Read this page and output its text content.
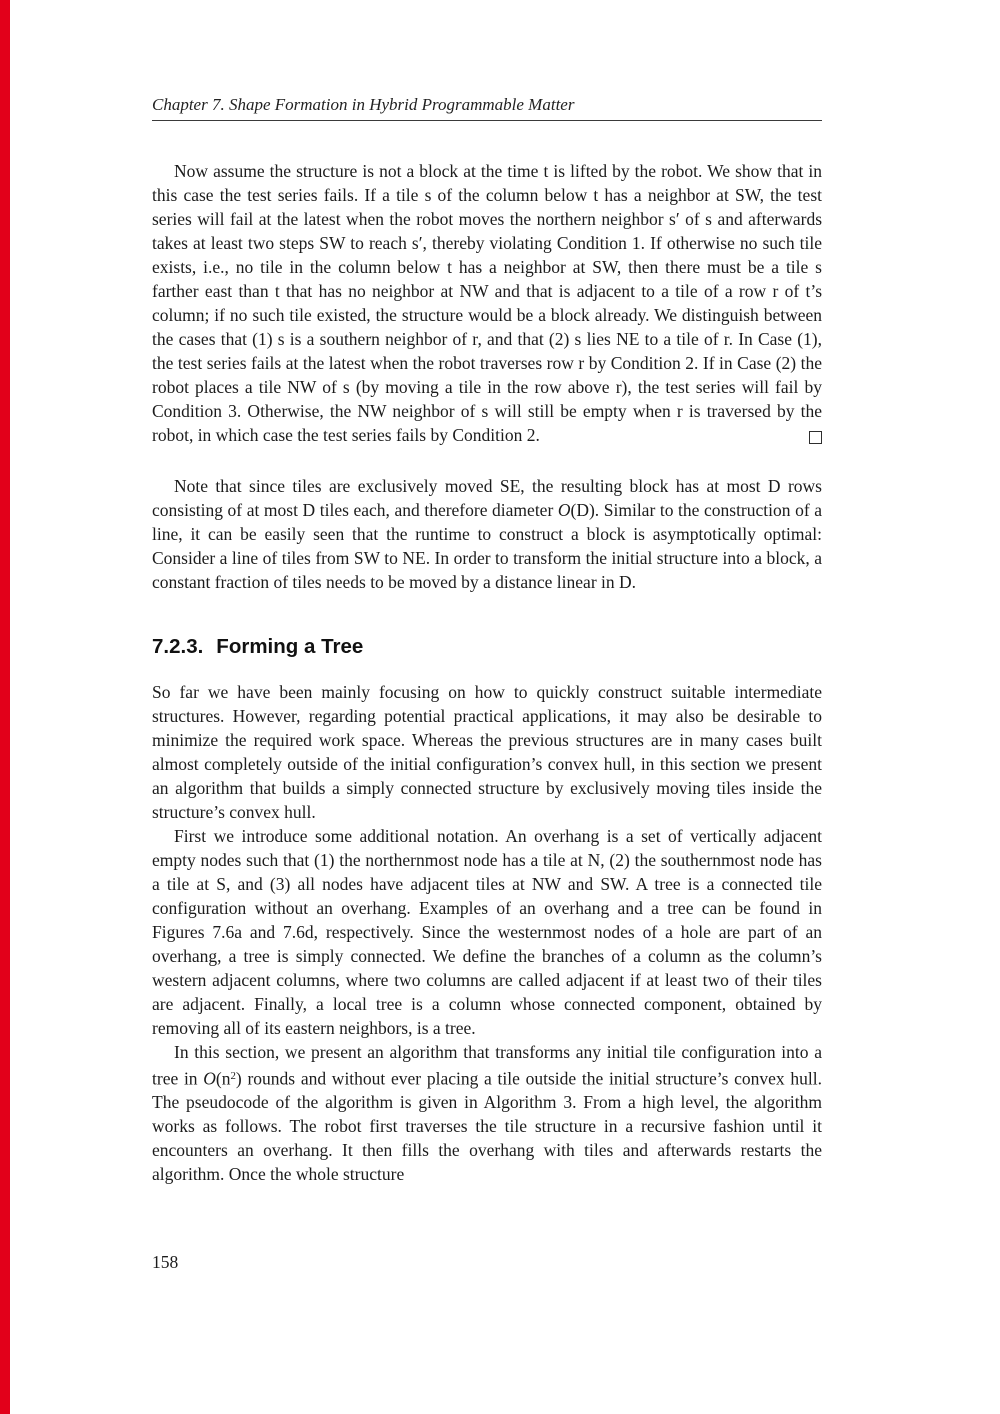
Chapter 7. Shape Formation in Hybrid Programmable Matter

Now assume the structure is not a block at the time t is lifted by the robot. We show that in this case the test series fails. If a tile s of the column below t has a neighbor at SW, the test series will fail at the latest when the robot moves the northern neighbor s′ of s and afterwards takes at least two steps SW to reach s′, thereby violating Condition 1. If otherwise no such tile exists, i.e., no tile in the column below t has a neighbor at SW, then there must be a tile s farther east than t that has no neighbor at NW and that is adjacent to a tile of a row r of t’s column; if no such tile existed, the structure would be a block already. We distinguish between the cases that (1) s is a southern neighbor of r, and that (2) s lies NE to a tile of r. In Case (1), the test series fails at the latest when the robot traverses row r by Condition 2. If in Case (2) the robot places a tile NW of s (by moving a tile in the row above r), the test series will fail by Condition 3. Otherwise, the NW neighbor of s will still be empty when r is traversed by the robot, in which case the test series fails by Condition 2.

Note that since tiles are exclusively moved SE, the resulting block has at most D rows consisting of at most D tiles each, and therefore diameter O(D). Similar to the construction of a line, it can be easily seen that the runtime to construct a block is asymptotically optimal: Consider a line of tiles from SW to NE. In order to transform the initial structure into a block, a constant fraction of tiles needs to be moved by a distance linear in D.

7.2.3. Forming a Tree

So far we have been mainly focusing on how to quickly construct suitable intermediate structures. However, regarding potential practical applications, it may also be desirable to minimize the required work space. Whereas the previous structures are in many cases built almost completely outside of the initial configuration’s convex hull, in this section we present an algorithm that builds a simply connected structure by exclusively moving tiles inside the structure’s convex hull.

First we introduce some additional notation. An overhang is a set of vertically adjacent empty nodes such that (1) the northernmost node has a tile at N, (2) the southernmost node has a tile at S, and (3) all nodes have adjacent tiles at NW and SW. A tree is a connected tile configuration without an overhang. Examples of an overhang and a tree can be found in Figures 7.6a and 7.6d, respectively. Since the westernmost nodes of a hole are part of an overhang, a tree is simply connected. We define the branches of a column as the column’s western adjacent columns, where two columns are called adjacent if at least two of their tiles are adjacent. Finally, a local tree is a column whose connected component, obtained by removing all of its eastern neighbors, is a tree.

In this section, we present an algorithm that transforms any initial tile configuration into a tree in $O(n^2)$ rounds and without ever placing a tile outside the initial structure’s convex hull. The pseudocode of the algorithm is given in Algorithm 3. From a high level, the algorithm works as follows. The robot first traverses the tile structure in a recursive fashion until it encounters an overhang. It then fills the overhang with tiles and afterwards restarts the algorithm. Once the whole structure

158
